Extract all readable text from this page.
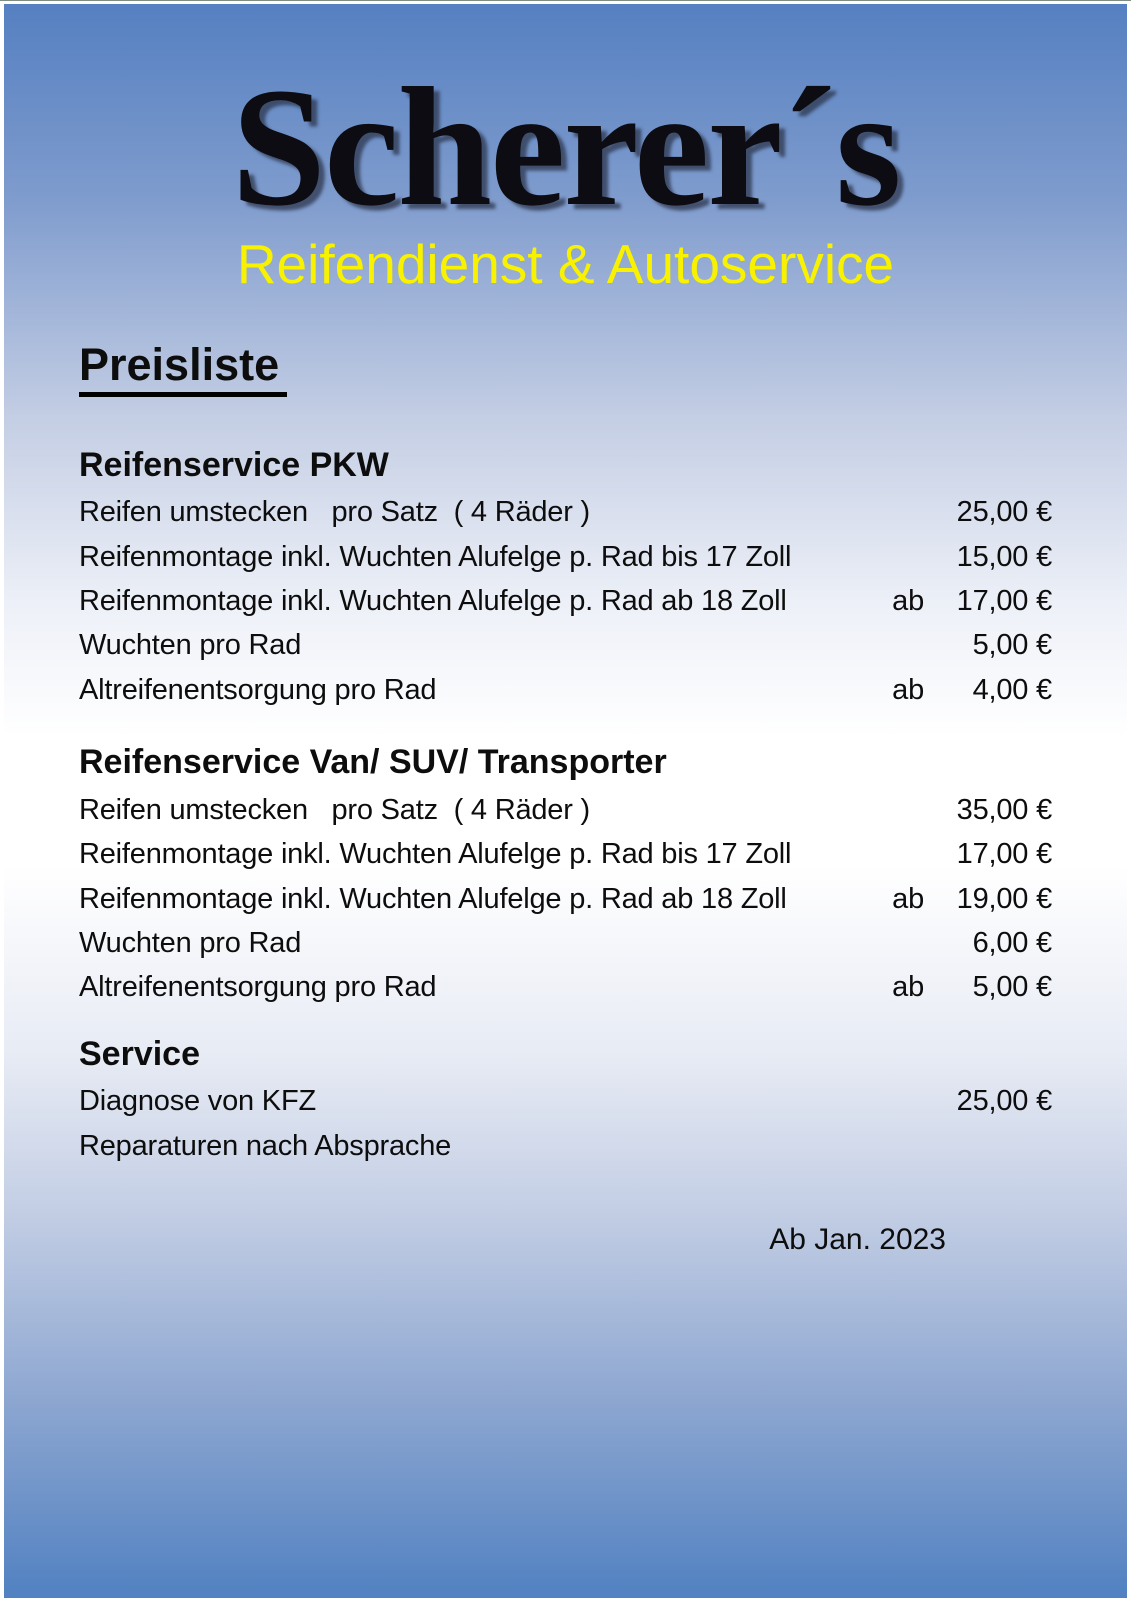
Scherer´s
Reifendienst & Autoservice
Preisliste
Reifenservice PKW
Reifen umstecken   pro Satz  ( 4 Räder )	25,00 €
Reifenmontage inkl. Wuchten Alufelge p. Rad bis 17 Zoll	15,00 €
Reifenmontage inkl. Wuchten Alufelge p. Rad ab 18 Zoll	ab	17,00 €
Wuchten pro Rad	5,00 €
Altreifenentsorgung pro Rad	ab	4,00 €
Reifenservice Van/ SUV/ Transporter
Reifen umstecken   pro Satz  ( 4 Räder )	35,00 €
Reifenmontage inkl. Wuchten Alufelge p. Rad bis 17 Zoll	17,00 €
Reifenmontage inkl. Wuchten Alufelge p. Rad ab 18 Zoll	ab	19,00 €
Wuchten pro Rad	6,00 €
Altreifenentsorgung pro Rad	ab	5,00 €
Service
Diagnose von KFZ	25,00 €
Reparaturen nach Absprache
Ab Jan. 2023
